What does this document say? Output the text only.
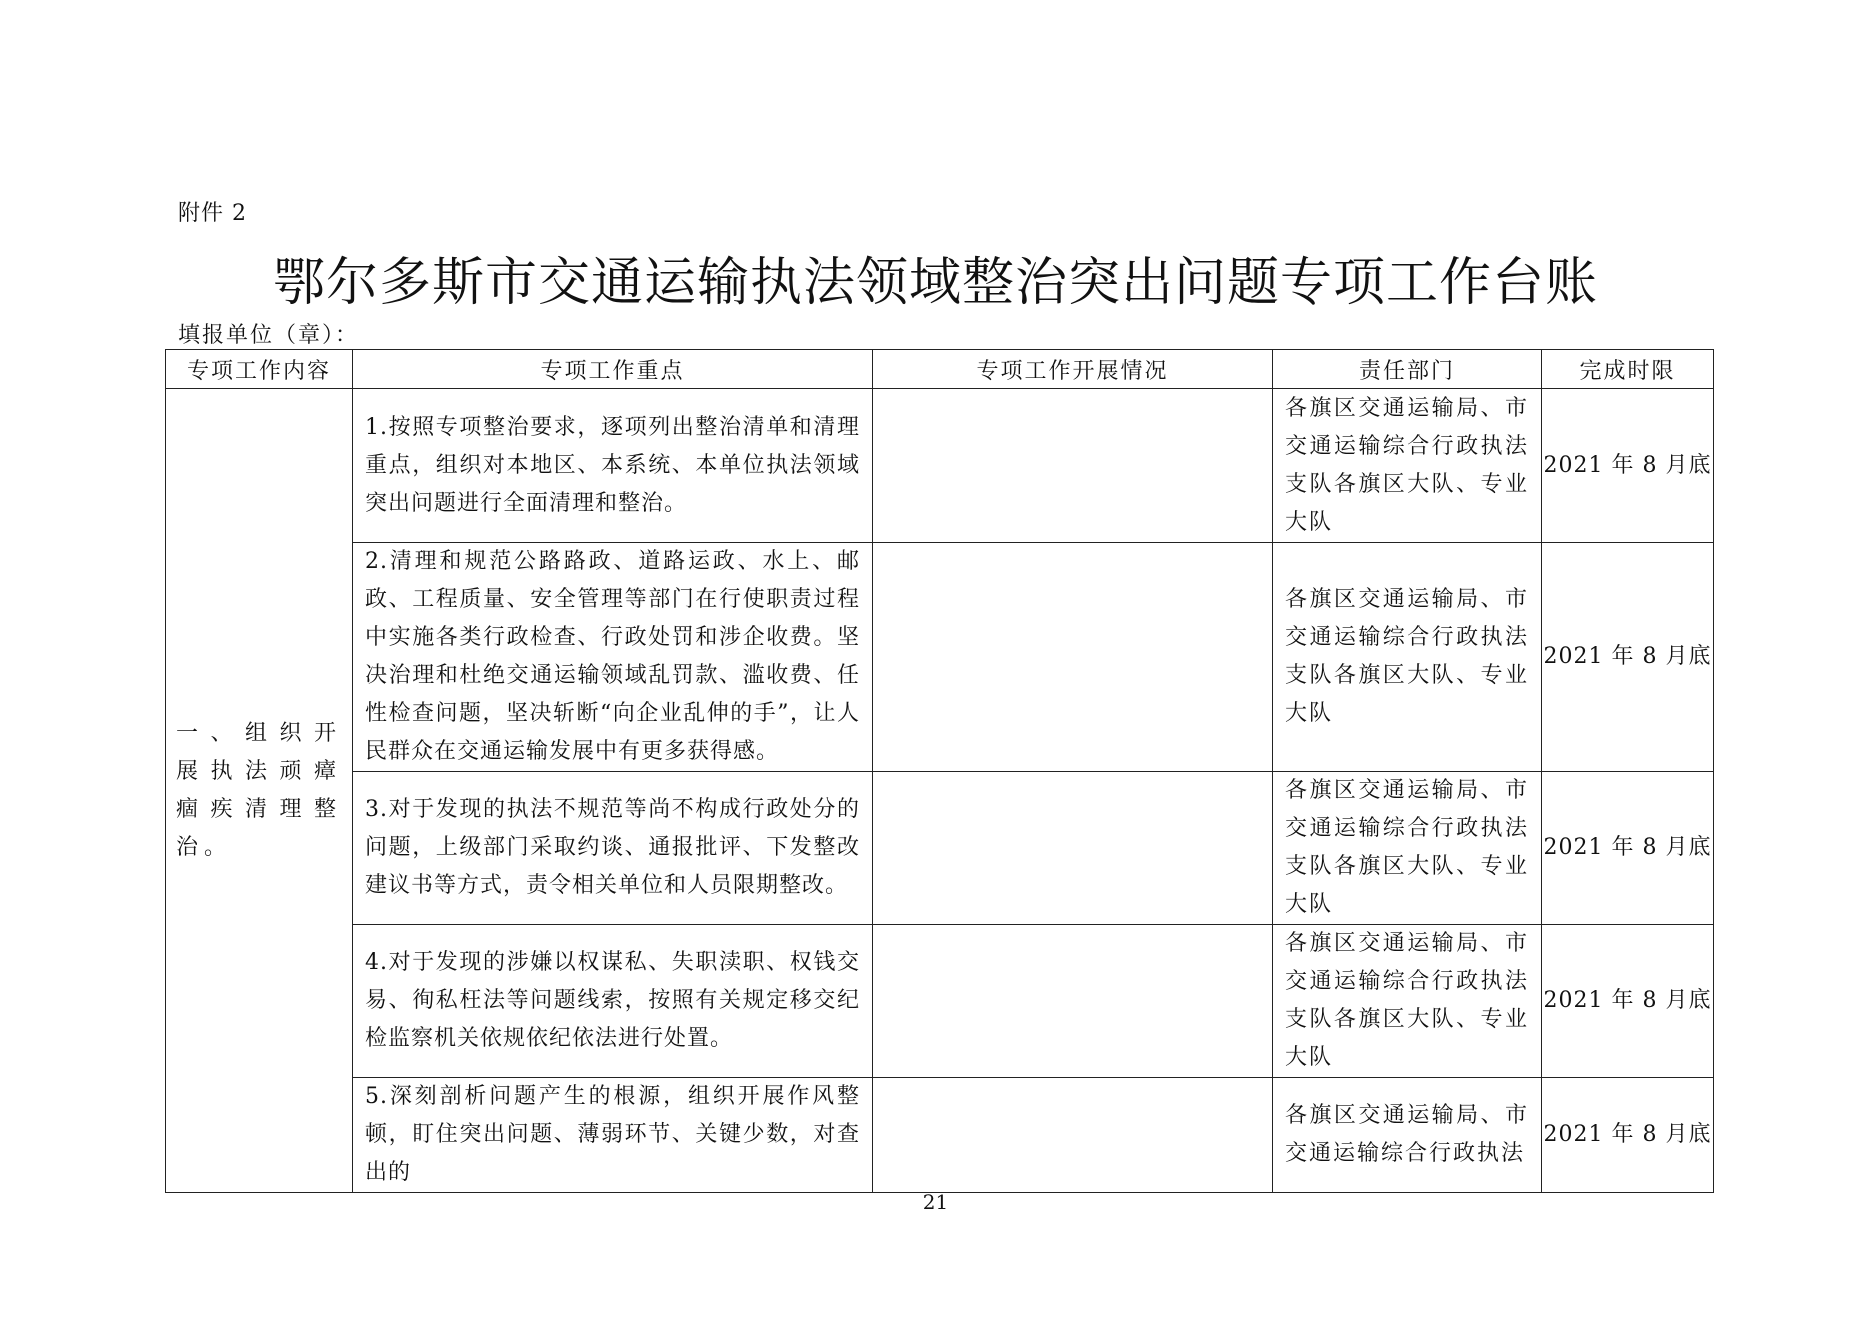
附件 2
鄂尔多斯市交通运输执法领域整治突出问题专项工作台账
填报单位（章）：
专项工作内容	专项工作重点	专项工作开展情况	责任部门	完成时限
一、组织开展执法顽瘴痼疾清理整治。	1.按照专项整治要求，逐项列出整治清单和清理重点，组织对本地区、本系统、本单位执法领域突出问题进行全面清理和整治。		各旗区交通运输局、市交通运输综合行政执法支队各旗区大队、专业大队	2021 年 8 月底
	2.清理和规范公路路政、道路运政、水上、邮政、工程质量、安全管理等部门在行使职责过程中实施各类行政检查、行政处罚和涉企收费。坚决治理和杜绝交通运输领域乱罚款、滥收费、任性检查问题，坚决斩断“向企业乱伸的手”，让人民群众在交通运输发展中有更多获得感。		各旗区交通运输局、市交通运输综合行政执法支队各旗区大队、专业大队	2021 年 8 月底
	3.对于发现的执法不规范等尚不构成行政处分的问题，上级部门采取约谈、通报批评、下发整改建议书等方式，责令相关单位和人员限期整改。		各旗区交通运输局、市交通运输综合行政执法支队各旗区大队、专业大队	2021 年 8 月底
	4.对于发现的涉嫌以权谋私、失职渎职、权钱交易、徇私枉法等问题线索，按照有关规定移交纪检监察机关依规依纪依法进行处置。		各旗区交通运输局、市交通运输综合行政执法支队各旗区大队、专业大队	2021 年 8 月底
	5.深刻剖析问题产生的根源，组织开展作风整顿，盯住突出问题、薄弱环节、关键少数，对查出的		各旗区交通运输局、市交通运输综合行政执法	2021 年 8 月底
21
